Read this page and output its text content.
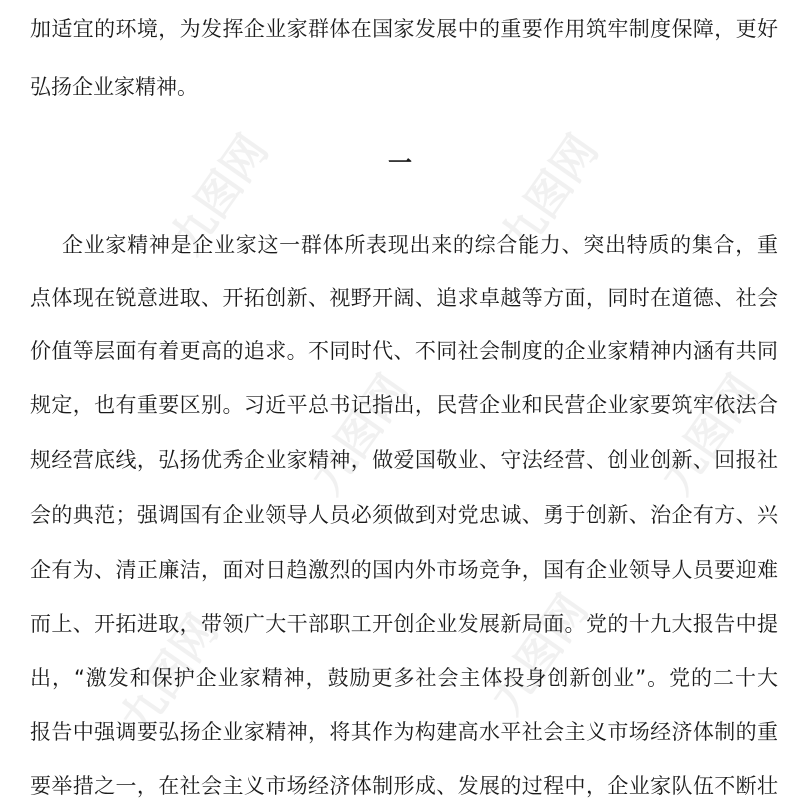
九图网	九图网
九图网	九图网
九图网
九图网
加适宜的环境，为发挥企业家群体在国家发展中的重要作用筑牢制度保障，更好
弘扬企业家精神。
一
企业家精神是企业家这一群体所表现出来的综合能力、突出特质的集合，重
点体现在锐意进取、开拓创新、视野开阔、追求卓越等方面，同时在道德、社会
价值等层面有着更高的追求。不同时代、不同社会制度的企业家精神内涵有共同
规定，也有重要区别。习近平总书记指出，民营企业和民营企业家要筑牢依法合
规经营底线，弘扬优秀企业家精神，做爱国敬业、守法经营、创业创新、回报社
会的典范；强调国有企业领导人员必须做到对党忠诚、勇于创新、治企有方、兴
企有为、清正廉洁，面对日趋激烈的国内外市场竞争，国有企业领导人员要迎难
而上、开拓进取，带领广大干部职工开创企业发展新局面。党的十九大报告中提
出，“激发和保护企业家精神，鼓励更多社会主体投身创新创业”。党的二十大
报告中强调要弘扬企业家精神，将其作为构建高水平社会主义市场经济体制的重
要举措之一，在社会主义市场经济体制形成、发展的过程中，企业家队伍不断壮
